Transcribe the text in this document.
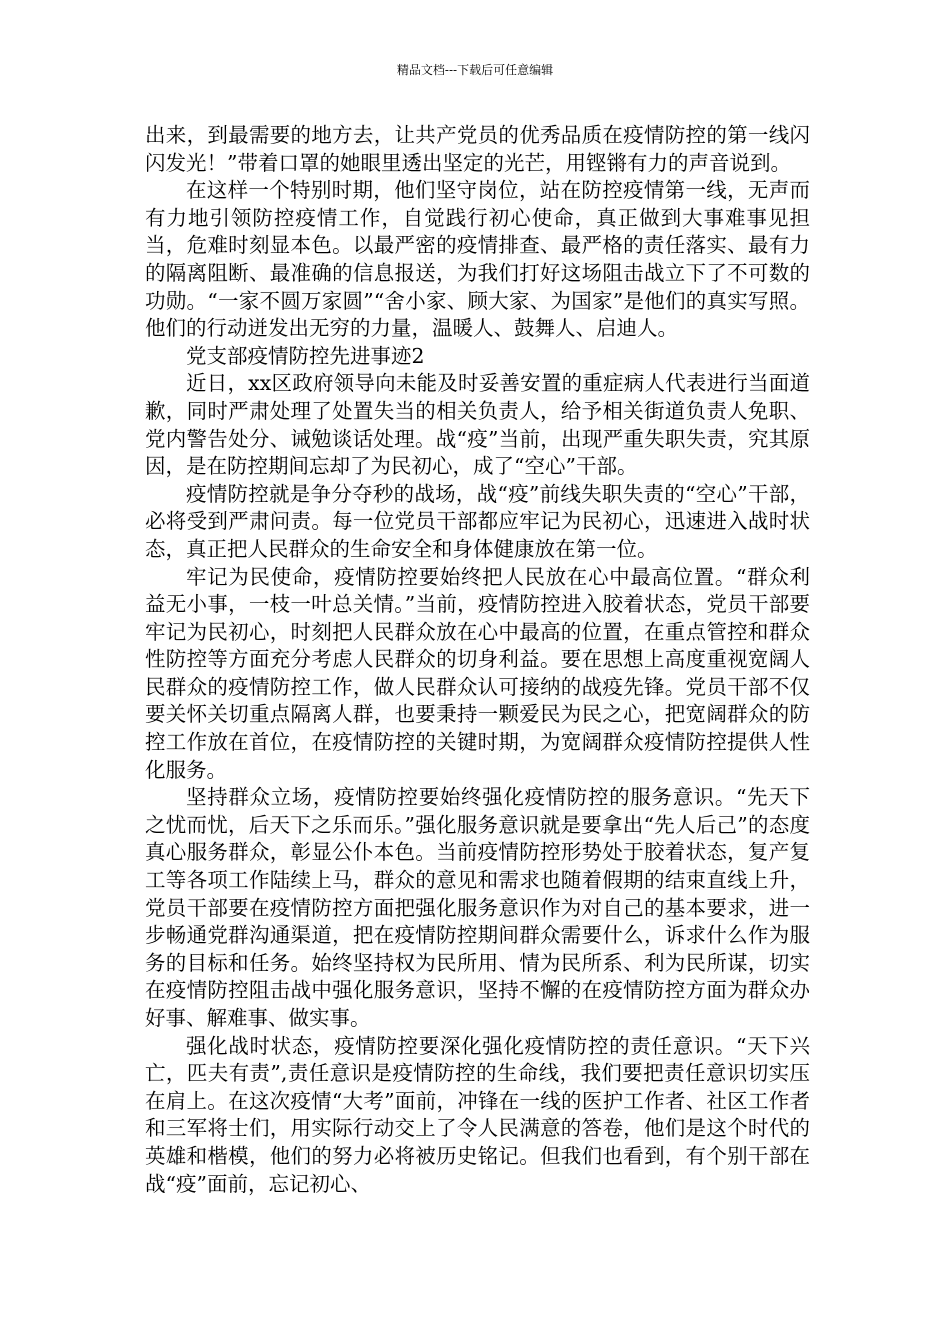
精品文档---下载后可任意编辑

出来，到最需要的地方去，让共产党员的优秀品质在疫情防控的第一线闪闪发光！”带着口罩的她眼里透出坚定的光芒，用铿锵有力的声音说到。

在这样一个特别时期，他们坚守岗位，站在防控疫情第一线，无声而有力地引领防控疫情工作，自觉践行初心使命，真正做到大事难事见担当，危难时刻显本色。以最严密的疫情排查、最严格的责任落实、最有力的隔离阻断、最准确的信息报送，为我们打好这场阻击战立下了不可数的功勋。“一家不圆万家圆”“舍小家、顾大家、为国家”是他们的真实写照。他们的行动迸发出无穷的力量，温暖人、鼓舞人、启迪人。

党支部疫情防控先进事迹2

近日，xx区政府领导向未能及时妥善安置的重症病人代表进行当面道歉，同时严肃处理了处置失当的相关负责人，给予相关街道负责人免职、党内警告处分、诫勉谈话处理。战“疫”当前，出现严重失职失责，究其原因，是在防控期间忘却了为民初心，成了“空心”干部。

疫情防控就是争分夺秒的战场，战“疫”前线失职失责的“空心”干部，必将受到严肃问责。每一位党员干部都应牢记为民初心，迅速进入战时状态，真正把人民群众的生命安全和身体健康放在第一位。

牢记为民使命，疫情防控要始终把人民放在心中最高位置。“群众利益无小事，一枝一叶总关情。”当前，疫情防控进入胶着状态，党员干部要牢记为民初心，时刻把人民群众放在心中最高的位置，在重点管控和群众性防控等方面充分考虑人民群众的切身利益。要在思想上高度重视宽阔人民群众的疫情防控工作，做人民群众认可接纳的战疫先锋。党员干部不仅要关怀关切重点隔离人群，也要秉持一颗爱民为民之心，把宽阔群众的防控工作放在首位，在疫情防控的关键时期，为宽阔群众疫情防控提供人性化服务。

坚持群众立场，疫情防控要始终强化疫情防控的服务意识。“先天下之忧而忧，后天下之乐而乐。”强化服务意识就是要拿出“先人后己”的态度真心服务群众，彰显公仆本色。当前疫情防控形势处于胶着状态，复产复工等各项工作陆续上马，群众的意见和需求也随着假期的结束直线上升，党员干部要在疫情防控方面把强化服务意识作为对自己的基本要求，进一步畅通党群沟通渠道，把在疫情防控期间群众需要什么，诉求什么作为服务的目标和任务。始终坚持权为民所用、情为民所系、利为民所谋，切实在疫情防控阻击战中强化服务意识，坚持不懈的在疫情防控方面为群众办好事、解难事、做实事。

强化战时状态，疫情防控要深化强化疫情防控的责任意识。“天下兴亡，匹夫有责”,责任意识是疫情防控的生命线，我们要把责任意识切实压在肩上。在这次疫情“大考”面前，冲锋在一线的医护工作者、社区工作者和三军将士们，用实际行动交上了令人民满意的答卷，他们是这个时代的英雄和楷模，他们的努力必将被历史铭记。但我们也看到，有个别干部在战“疫”面前，忘记初心、
